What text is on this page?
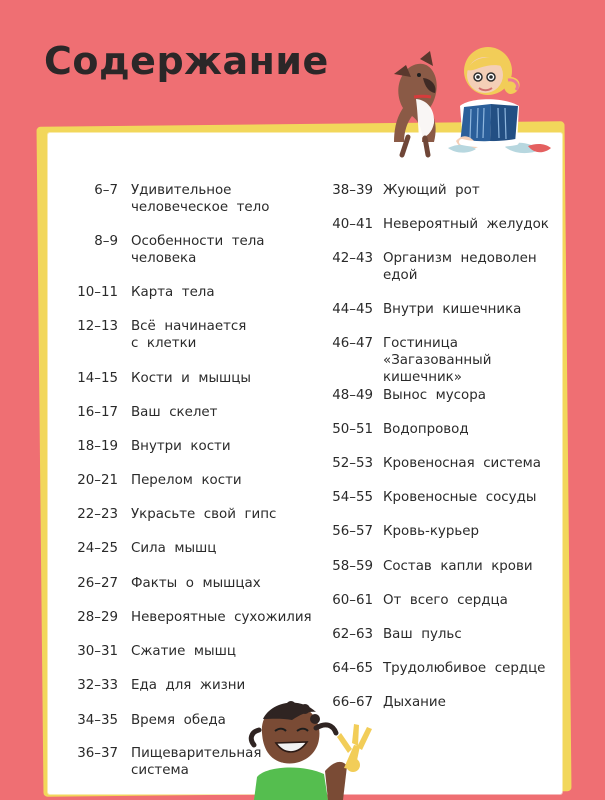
Содержание
6–7 Удивительное
человеческое тело
8–9 Особенности тела
человека
10–11 Карта тела
12–13 Всё начинается
с клетки
14–15 Кости и мышцы
16–17 Ваш скелет
18–19 Внутри кости
20–21 Перелом кости
22–23 Украсьте свой гипс
24–25 Сила мышц
26–27 Факты о мышцах
28–29 Невероятные сухожилия
30–31 Сжатие мышц
32–33 Еда для жизни
34–35 Время обеда
36–37 Пищеварительная
система
38–39 Жующий рот
40–41 Невероятный желудок
42–43 Организм недоволен
едой
44–45 Внутри кишечника
46–47 Гостиница «Загазованный
кишечник»
48–49 Вынос мусора
50–51 Водопровод
52–53 Кровеносная система
54–55 Кровеносные сосуды
56–57 Кровь-курьер
58–59 Состав капли крови
60–61 От всего сердца
62–63 Ваш пульс
64–65 Трудолюбивое сердце
66–67 Дыхание
